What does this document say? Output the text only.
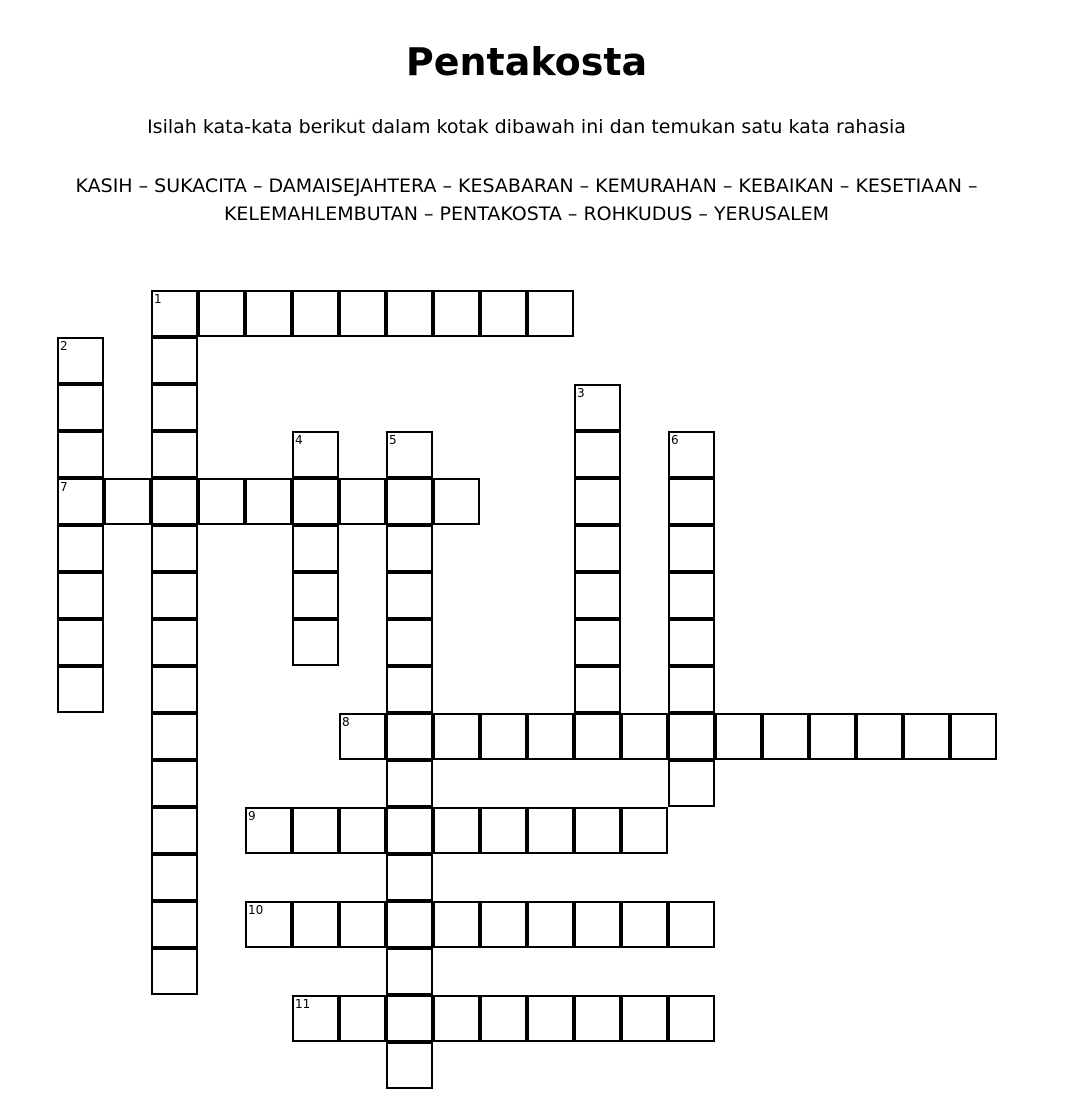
Pentakosta

Isilah kata-kata berikut dalam kotak dibawah ini dan temukan satu kata rahasia

KASIH – SUKACITA – DAMAISEJAHTERA – KESABARAN – KEMURAHAN – KEBAIKAN – KESETIAAN –
KELEMAHLEMBUTAN – PENTAKOSTA – ROHKUDUS – YERUSALEM

1
2
7
3
4	5	6
8
9
10
11
